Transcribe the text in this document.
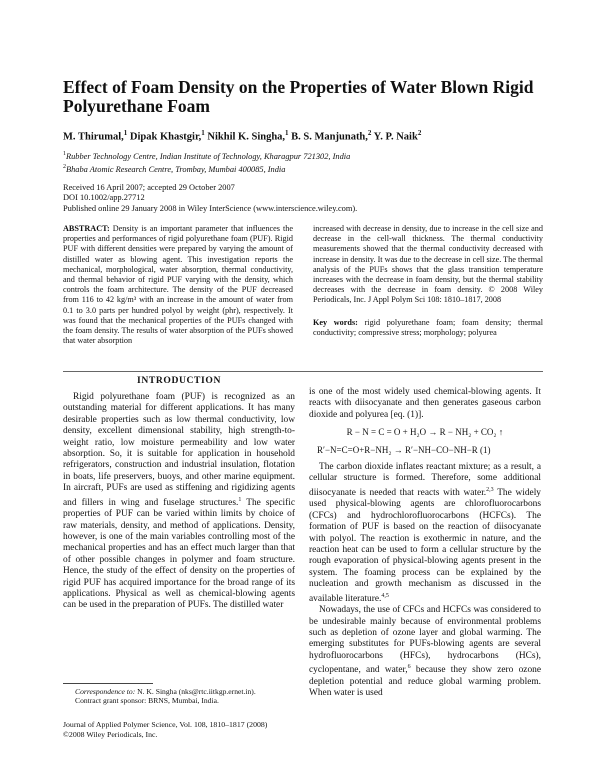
Effect of Foam Density on the Properties of Water Blown Rigid Polyurethane Foam
M. Thirumal,$^1$ Dipak Khastgir,$^1$ Nikhil K. Singha,$^1$ B. S. Manjunath,$^2$ Y. P. Naik$^2$
$^1$Rubber Technology Centre, Indian Institute of Technology, Kharagpur 721302, India
$^2$Bhaba Atomic Research Centre, Trombay, Mumbai 400085, India
Received 16 April 2007; accepted 29 October 2007
DOI 10.1002/app.27712
Published online 29 January 2008 in Wiley InterScience (www.interscience.wiley.com).
ABSTRACT: Density is an important parameter that influences the properties and performances of rigid polyurethane foam (PUF). Rigid PUF with different densities were prepared by varying the amount of distilled water as blowing agent. This investigation reports the mechanical, morphological, water absorption, thermal conductivity, and thermal behavior of rigid PUF varying with the density, which controls the foam architecture. The density of the PUF decreased from 116 to 42 kg/m³ with an increase in the amount of water from 0.1 to 3.0 parts per hundred polyol by weight (phr), respectively. It was found that the mechanical properties of the PUFs changed with the foam density. The results of water absorption of the PUFs showed that water absorption
increased with decrease in density, due to increase in the cell size and decrease in the cell-wall thickness. The thermal conductivity measurements showed that the thermal conductivity decreased with increase in density. It was due to the decrease in cell size. The thermal analysis of the PUFs shows that the glass transition temperature increases with the decrease in foam density, but the thermal stability decreases with the decrease in foam density. © 2008 Wiley Periodicals, Inc. J Appl Polym Sci 108: 1810–1817, 2008
Key words: rigid polyurethane foam; foam density; thermal conductivity; compressive stress; morphology; polyurea
INTRODUCTION

Rigid polyurethane foam (PUF) is recognized as an outstanding material for different applications. It has many desirable properties such as low thermal conductivity, low density, excellent dimensional stability, high strength-to-weight ratio, low moisture permeability and low water absorption. So, it is suitable for application in household refrigerators, construction and industrial insulation, flotation in boats, life preservers, buoys, and other marine equipment. In aircraft, PUFs are used as stiffening and rigidizing agents and fillers in wing and fuselage structures.$^1$ The specific properties of PUF can be varied within limits by choice of raw materials, density, and method of applications. Density, however, is one of the main variables controlling most of the mechanical properties and has an effect much larger than that of other possible changes in polymer and foam structure. Hence, the study of the effect of density on the properties of rigid PUF has acquired importance for the broad range of its applications. Physical as well as chemical-blowing agents can be used in the preparation of PUFs. The distilled water

is one of the most widely used chemical-blowing agents. It reacts with diisocyanate and then generates gaseous carbon dioxide and polyurea [eq. (1)].

R − N = C = O + H₂O → R − NH₂ + CO₂ ↑
R′−N=C=O+R−NH₂ → R′−NH−CO−NH−R (1)

The carbon dioxide inflates reactant mixture; as a result, a cellular structure is formed. Therefore, some additional diisocyanate is needed that reacts with water.$^{2,3}$ The widely used physical-blowing agents are chlorofluorocarbons (CFCs) and hydrochlorofluorocarbons (HCFCs). The formation of PUF is based on the reaction of diisocyanate with polyol. The reaction is exothermic in nature, and the reaction heat can be used to form a cellular structure by the rough evaporation of physical-blowing agents present in the system. The foaming process can be explained by the nucleation and growth mechanism as discussed in the available literature.$^{4,5}$

Nowadays, the use of CFCs and HCFCs was considered to be undesirable mainly because of environmental problems such as depletion of ozone layer and global warming. The emerging substitutes for PUFs-blowing agents are several hydrofluorocarbons (HFCs), hydrocarbons (HCs), cyclopentane, and water,$^6$ because they show zero ozone depletion potential and reduce global warming problem. When water is used

Correspondence to: N. K. Singha (nks@rtc.iitkgp.ernet.in).
Contract grant sponsor: BRNS, Mumbai, India.
Journal of Applied Polymer Science, Vol. 108, 1810–1817 (2008)
©2008 Wiley Periodicals, Inc.
